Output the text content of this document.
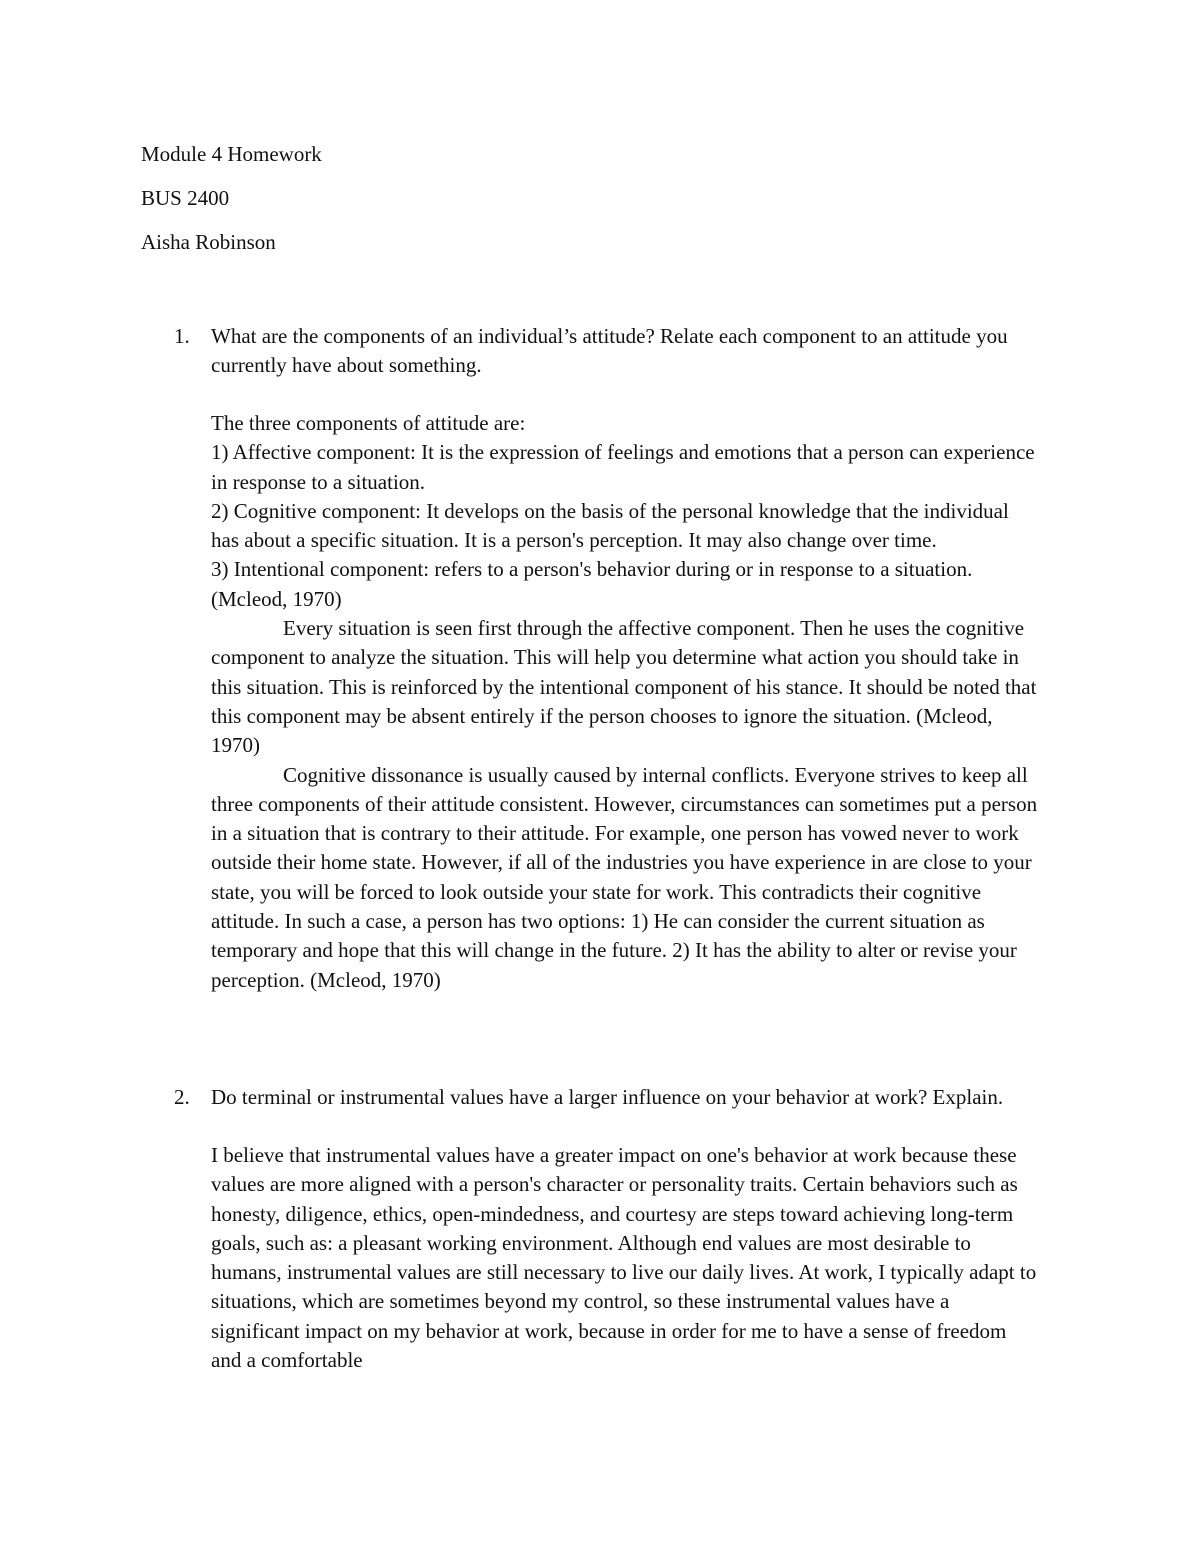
Module 4 Homework
BUS 2400
Aisha Robinson
1. What are the components of an individual’s attitude? Relate each component to an attitude you currently have about something.

The three components of attitude are:

1) Affective component: It is the expression of feelings and emotions that a person can experience in response to a situation.

2) Cognitive component: It develops on the basis of the personal knowledge that the individual has about a specific situation. It is a person's perception. It may also change over time.

3) Intentional component: refers to a person's behavior during or in response to a situation. (Mcleod, 1970)

Every situation is seen first through the affective component. Then he uses the cognitive component to analyze the situation. This will help you determine what action you should take in this situation. This is reinforced by the intentional component of his stance. It should be noted that this component may be absent entirely if the person chooses to ignore the situation. (Mcleod, 1970)

Cognitive dissonance is usually caused by internal conflicts. Everyone strives to keep all three components of their attitude consistent. However, circumstances can sometimes put a person in a situation that is contrary to their attitude. For example, one person has vowed never to work outside their home state. However, if all of the industries you have experience in are close to your state, you will be forced to look outside your state for work. This contradicts their cognitive attitude. In such a case, a person has two options: 1) He can consider the current situation as temporary and hope that this will change in the future. 2) It has the ability to alter or revise your perception. (Mcleod, 1970)

2. Do terminal or instrumental values have a larger influence on your behavior at work? Explain.

I believe that instrumental values have a greater impact on one's behavior at work because these values are more aligned with a person's character or personality traits. Certain behaviors such as honesty, diligence, ethics, open-mindedness, and courtesy are steps toward achieving long-term goals, such as: a pleasant working environment. Although end values are most desirable to humans, instrumental values are still necessary to live our daily lives. At work, I typically adapt to situations, which are sometimes beyond my control, so these instrumental values have a significant impact on my behavior at work, because in order for me to have a sense of freedom and a comfortable
